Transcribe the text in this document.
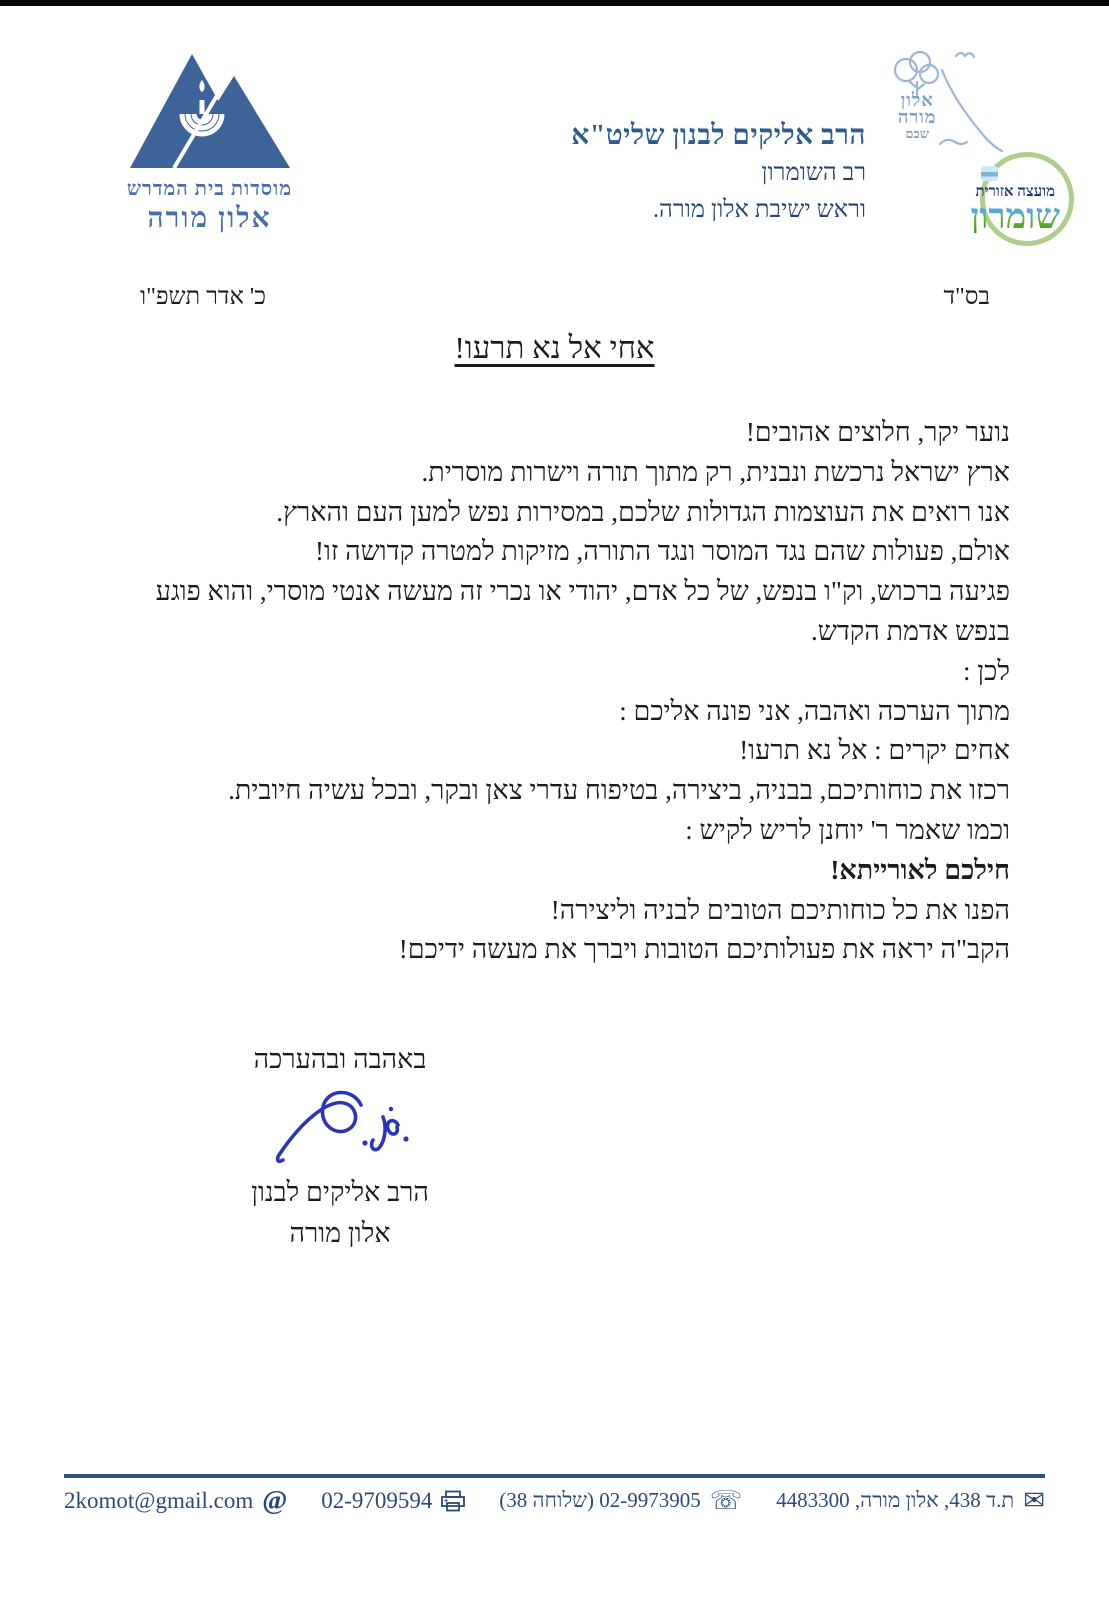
מוסדות בית המדרש
אלון מורה
אלון
מורה
שכם
הרב אליקים לבנון שליט"א
רב השומרון
וראש ישיבת אלון מורה.
מועצה אזורית
שומרון
בס"ד
כ' אדר תשפ"ו
אחי אל נא תרעו!
נוער יקר, חלוצים אהובים!
ארץ ישראל נרכשת ונבנית, רק מתוך תורה וישרות מוסרית.
אנו רואים את העוצמות הגדולות שלכם, במסירות נפש למען העם והארץ.
אולם, פעולות שהם נגד המוסר ונגד התורה, מזיקות למטרה קדושה זו!
פגיעה ברכוש, וק"ו בנפש, של כל אדם, יהודי או נכרי זה מעשה אנטי מוסרי, והוא פוגע
בנפש אדמת הקדש.
לכן :
מתוך הערכה ואהבה, אני פונה אליכם :
אחים יקרים : אל נא תרעו!
רכזו את כוחותיכם, בבניה, ביצירה, בטיפוח עדרי צאן ובקר, ובכל עשיה חיובית.
וכמו שאמר ר' יוחנן לריש לקיש :
חילכם לאורייתא!
הפנו את כל כוחותיכם הטובים לבניה וליצירה!
הקב"ה יראה את פעולותיכם הטובות ויברך את מעשה ידיכם!
באהבה ובהערכה
הרב אליקים לבנון
אלון מורה
✉
ת.ד 438, אלון מורה, 4483300
☏
02-9973905 (שלוחה 38)
02-9709594
@
2komot@gmail.com
